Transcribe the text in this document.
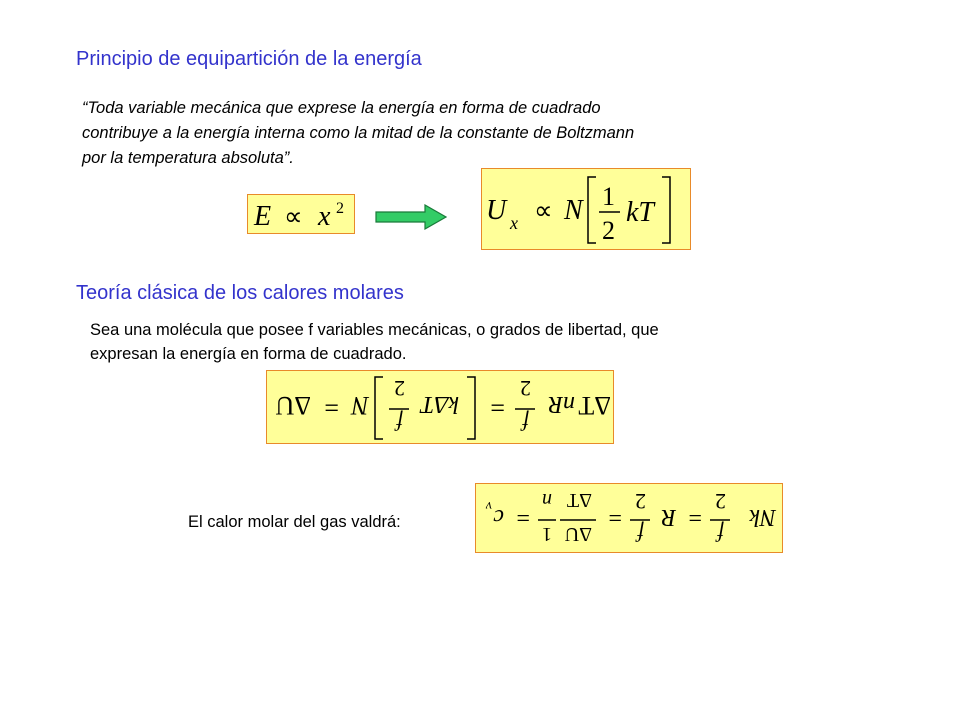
Principio de equipartición de la energía
“Toda variable mecánica que exprese la energía en forma de cuadrado
contribuye a la energía interna como la mitad de la constante de Boltzmann
por la temperatura absoluta”.
E ∝ x 2	U x ∝ N 1
2
kT
Teoría clásica de los calores molares
Sea una molécula que posee f variables mecánicas, o grados de libertad, que
expresan la energía en forma de cuadrado.
ΔT
nR
f
2
=
kΔT
f
2
N
=
ΔU
El calor molar del gas valdrá:	Nk
f
2
=
R
f
2
=
ΔU
ΔT
1
n
=
c
v
